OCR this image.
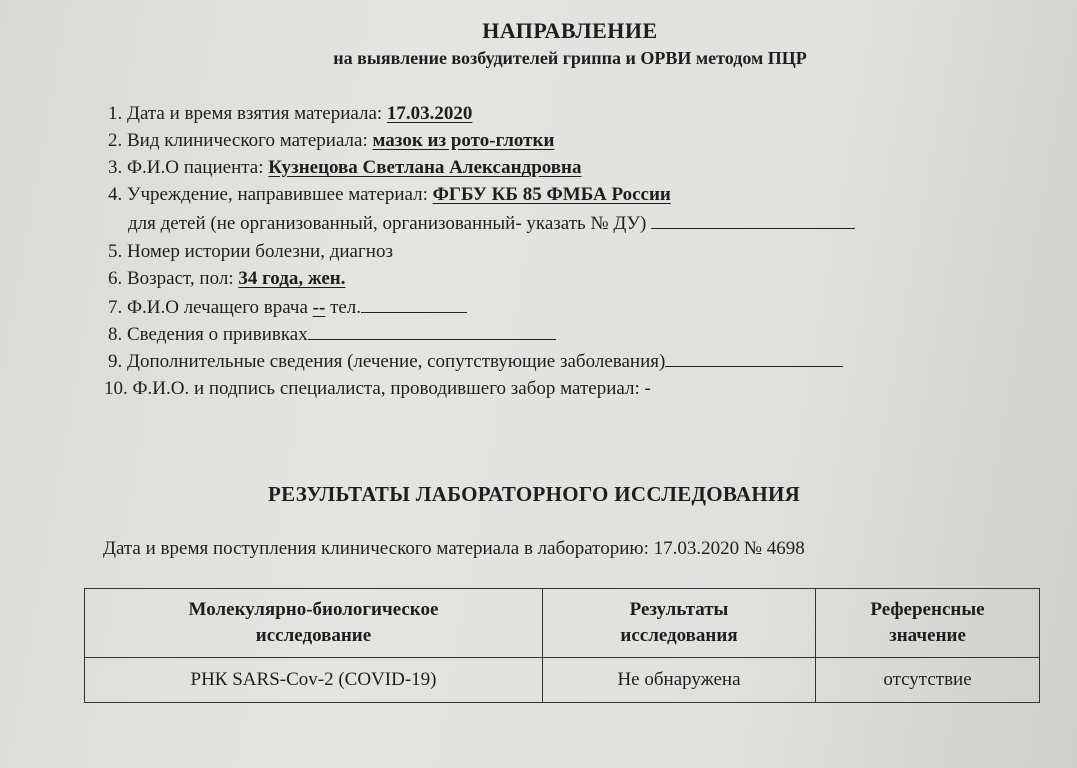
НАПРАВЛЕНИЕ
на выявление возбудителей гриппа и ОРВИ методом ПЦР
1. Дата и время взятия материала: 17.03.2020
2. Вид клинического материала: мазок из рото-глотки
3. Ф.И.О пациента: Кузнецова Светлана Александровна
4. Учреждение, направившее материал: ФГБУ КБ 85 ФМБА России
для детей (не организованный, организованный- указать № ДУ)
5. Номер истории болезни, диагноз
6. Возраст, пол: 34 года, жен.
7. Ф.И.О лечащего врача -- тел.
8. Сведения о прививках
9. Дополнительные сведения (лечение, сопутствующие заболевания)
10. Ф.И.О. и подпись специалиста, проводившего забор материал: -
РЕЗУЛЬТАТЫ ЛАБОРАТОРНОГО ИССЛЕДОВАНИЯ
Дата и время поступления клинического материала в лабораторию: 17.03.2020 № 4698
Молекулярно-биологическое исследование	Результаты исследования	Референсные значение
РНК SARS-Cov-2 (COVID-19)	Не обнаружена	отсутствие
